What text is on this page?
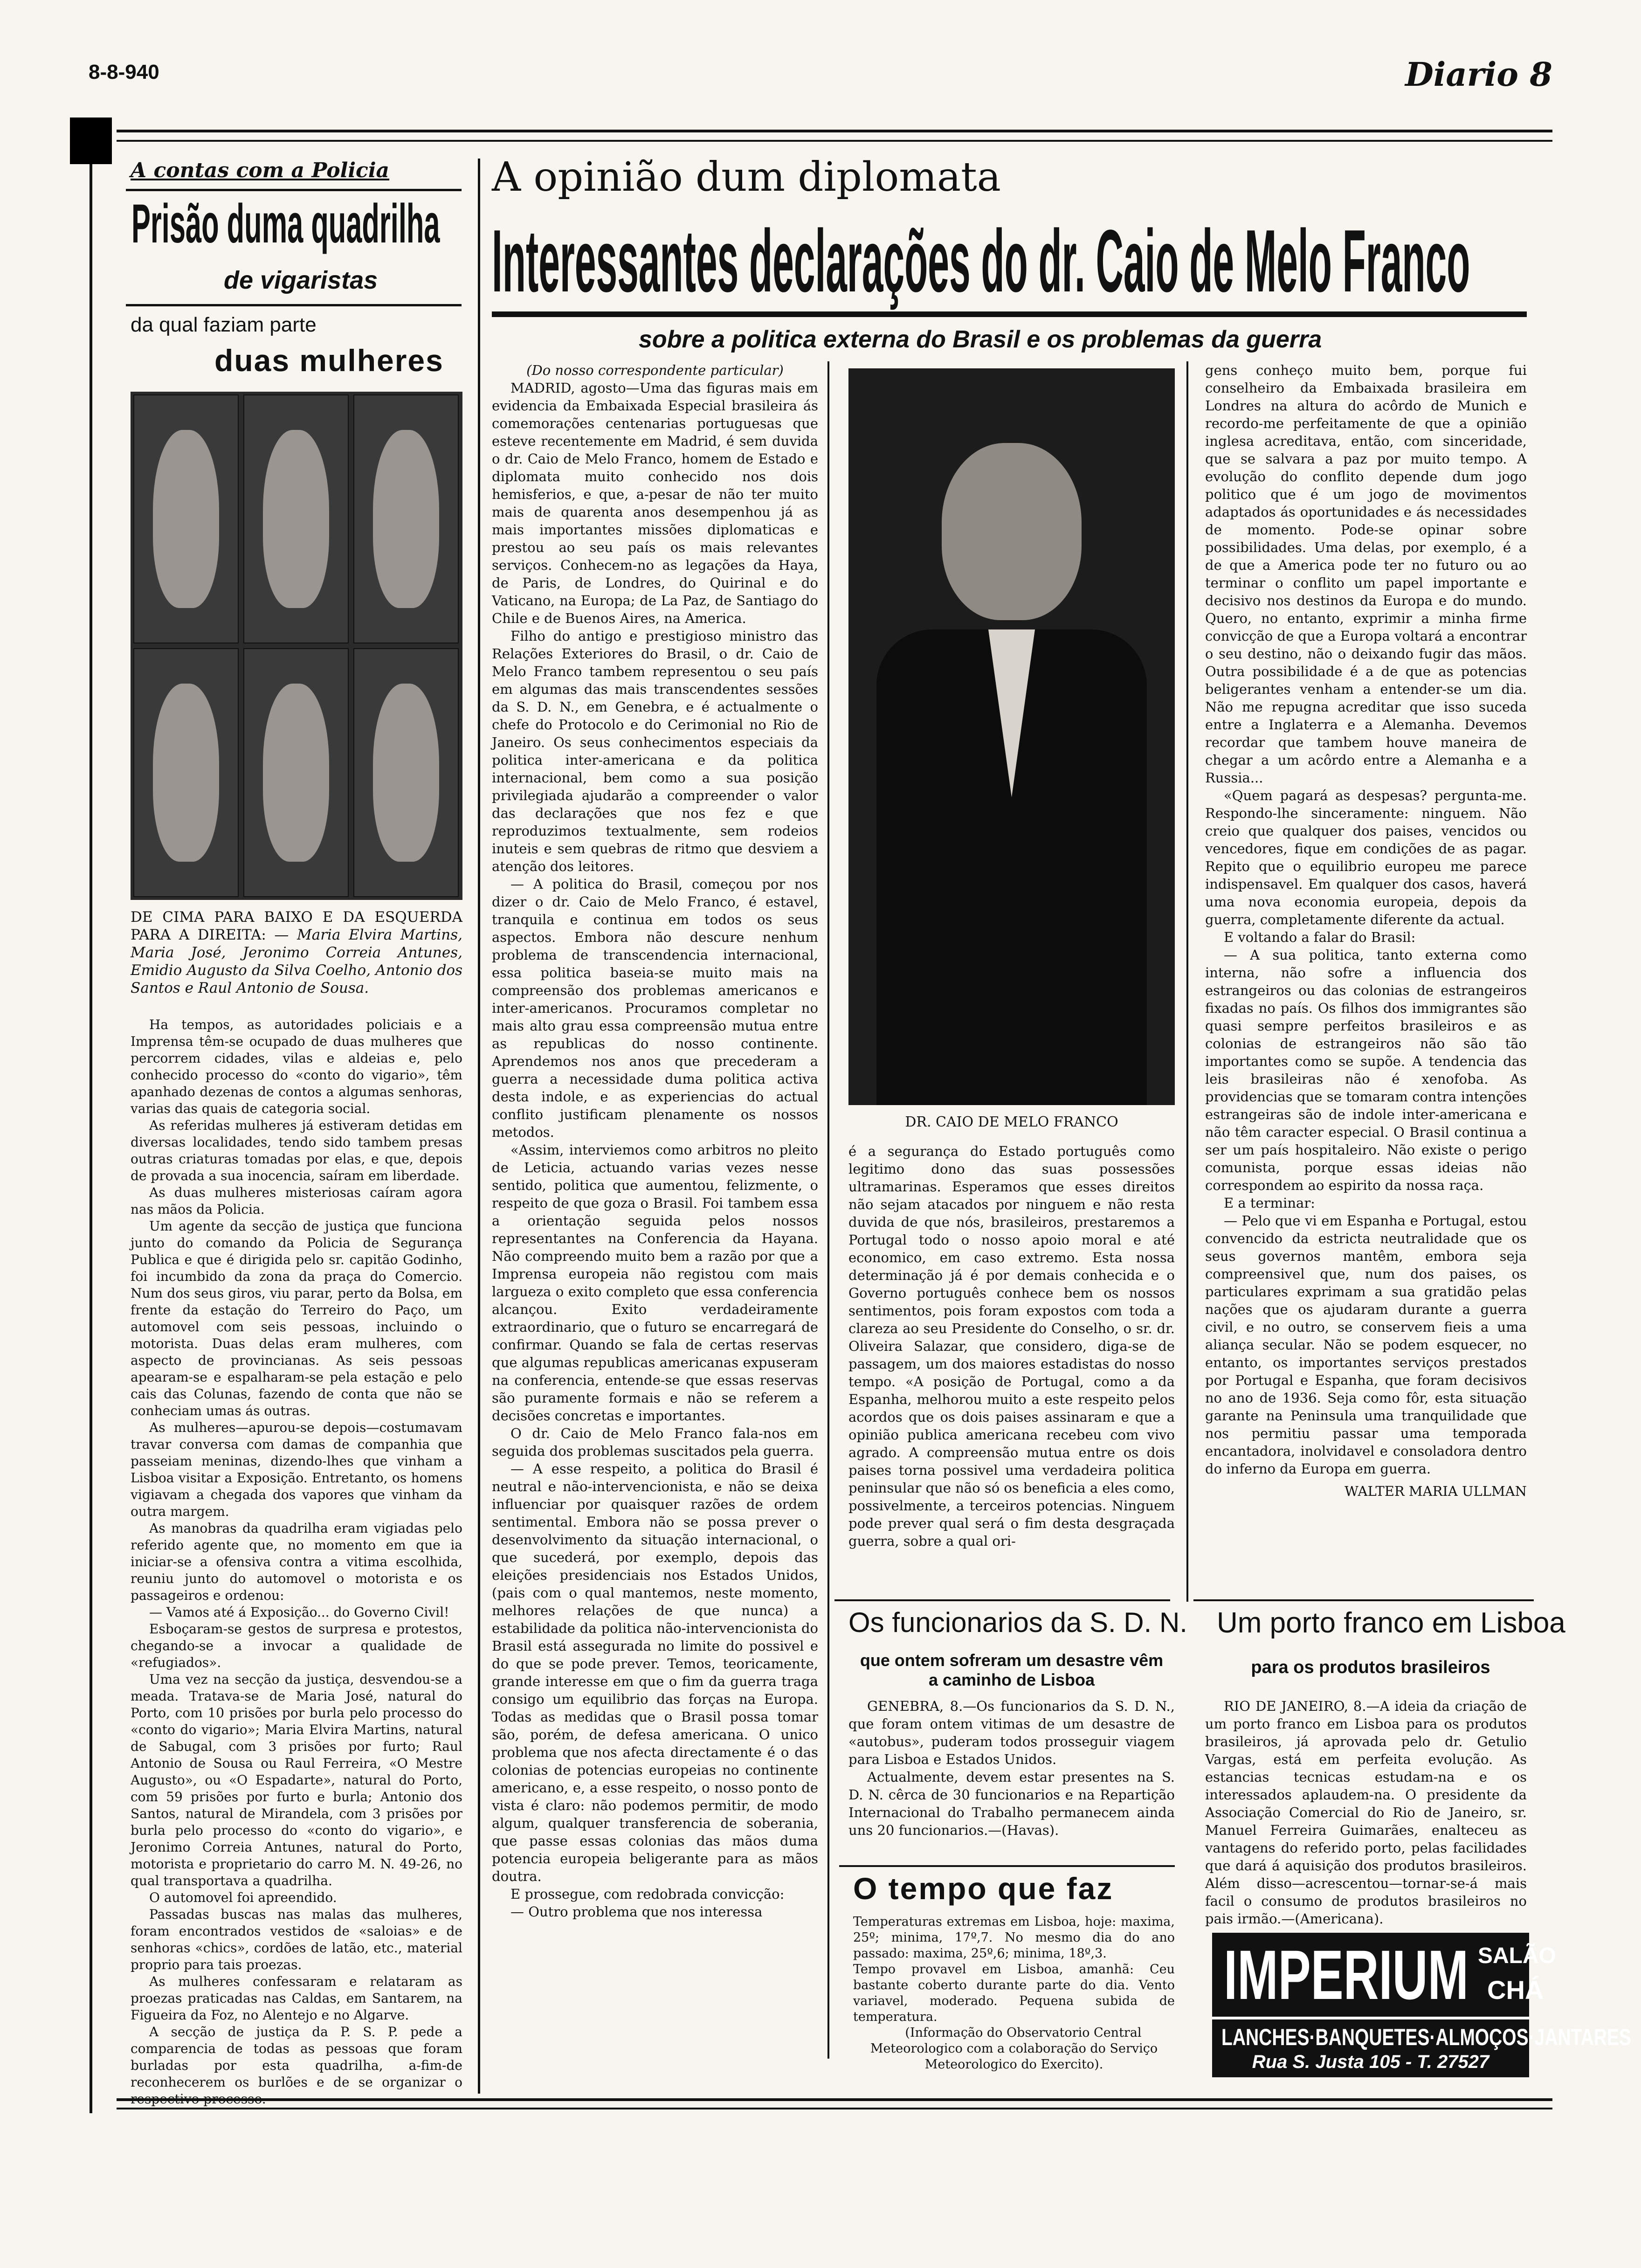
8-8-940	Diario 8
A contas com a Policia
Prisão duma quadrilha
de vigaristas
da qual faziam parte
duas mulheres
DE CIMA PARA BAIXO E DA ESQUERDA PARA A DIREITA: — Maria Elvira Martins, Maria José, Jeronimo Correia Antunes, Emidio Augusto da Silva Coelho, Antonio dos Santos e Raul Antonio de Sousa.

Ha tempos, as autoridades policiais e a Imprensa têm-se ocupado de duas mulheres que percorrem cidades, vilas e aldeias e, pelo conhecido processo do «conto do vigario», têm apanhado dezenas de contos a algumas senhoras, varias das quais de categoria social.

As referidas mulheres já estiveram detidas em diversas localidades, tendo sido tambem presas outras criaturas tomadas por elas, e que, depois de provada a sua inocencia, saíram em liberdade.

As duas mulheres misteriosas caíram agora nas mãos da Policia.

Um agente da secção de justiça que funciona junto do comando da Policia de Segurança Publica e que é dirigida pelo sr. capitão Godinho, foi incumbido da zona da praça do Comercio. Num dos seus giros, viu parar, perto da Bolsa, em frente da estação do Terreiro do Paço, um automovel com seis pessoas, incluindo o motorista. Duas delas eram mulheres, com aspecto de provincianas. As seis pessoas apearam-se e espalharam-se pela estação e pelo cais das Colunas, fazendo de conta que não se conheciam umas ás outras.

As mulheres—apurou-se depois—costumavam travar conversa com damas de companhia que passeiam meninas, dizendo-lhes que vinham a Lisboa visitar a Exposição. Entretanto, os homens vigiavam a chegada dos vapores que vinham da outra margem.

As manobras da quadrilha eram vigiadas pelo referido agente que, no momento em que ia iniciar-se a ofensiva contra a vitima escolhida, reuniu junto do automovel o motorista e os passageiros e ordenou:

— Vamos até á Exposição... do Governo Civil!

Esboçaram-se gestos de surpresa e protestos, chegando-se a invocar a qualidade de «refugiados».

Uma vez na secção da justiça, desvendou-se a meada. Tratava-se de Maria José, natural do Porto, com 10 prisões por burla pelo processo do «conto do vigario»; Maria Elvira Martins, natural de Sabugal, com 3 prisões por furto; Raul Antonio de Sousa ou Raul Ferreira, «O Mestre Augusto», ou «O Espadarte», natural do Porto, com 59 prisões por furto e burla; Antonio dos Santos, natural de Mirandela, com 3 prisões por burla pelo processo do «conto do vigario», e Jeronimo Correia Antunes, natural do Porto, motorista e proprietario do carro M. N. 49-26, no qual transportava a quadrilha.

O automovel foi apreendido.

Passadas buscas nas malas das mulheres, foram encontrados vestidos de «saloias» e de senhoras «chics», cordões de latão, etc., material proprio para tais proezas.

As mulheres confessaram e relataram as proezas praticadas nas Caldas, em Santarem, na Figueira da Foz, no Alentejo e no Algarve.

A secção de justiça da P. S. P. pede a comparencia de todas as pessoas que foram burladas por esta quadrilha, a-fim-de reconhecerem os burlões e de se organizar o

A opinião dum diplomata
Interessantes declarações do dr. Caio de Melo Franco
sobre a politica externa do Brasil e os problemas da guerra
(Do nosso correspondente particular)

MADRID, agosto—Uma das figuras mais em evidencia da Embaixada Especial brasileira ás comemorações centenarias portuguesas que esteve recentemente em Madrid, é sem duvida o dr. Caio de Melo Franco, homem de Estado e diplomata muito conhecido nos dois hemisferios, e que, a-pesar de não ter muito mais de quarenta anos desempenhou já as mais importantes missões diplomaticas e prestou ao seu país os mais relevantes serviços. Conhecem-no as legações da Haya, de Paris, de Londres, do Quirinal e do Vaticano, na Europa; de La Paz, de Santiago do Chile e de Buenos Aires, na America.

Filho do antigo e prestigioso ministro das Relações Exteriores do Brasil, o dr. Caio de Melo Franco tambem representou o seu país em algumas das mais transcendentes sessões da S. D. N., em Genebra, e é actualmente o chefe do Protocolo e do Cerimonial no Rio de Janeiro. Os seus conhecimentos especiais da politica inter-americana e da politica internacional, bem como a sua posição privilegiada ajudarão a compreender o valor das declarações que nos fez e que reproduzimos textualmente, sem rodeios inuteis e sem quebras de ritmo que desviem a atenção dos leitores.

— A politica do Brasil, começou por nos dizer o dr. Caio de Melo Franco, é estavel, tranquila e continua em todos os seus aspectos. Embora não descure nenhum problema de transcendencia internacional, essa politica baseia-se muito mais na compreensão dos problemas americanos e inter-americanos. Procuramos completar no mais alto grau essa compreensão mutua entre as republicas do nosso continente. Aprendemos nos anos que precederam a guerra a necessidade duma politica activa desta indole, e as experiencias do actual conflito justificam plenamente os nossos metodos.

«Assim, interviemos como arbitros no pleito de Leticia, actuando varias vezes nesse sentido, politica que aumentou, felizmente, o respeito de que goza o Brasil. Foi tambem essa a orientação seguida pelos nossos representantes na Conferencia da Hayana. Não compreendo muito bem a razão por que a Imprensa europeia não registou com mais largueza o exito completo que essa conferencia alcançou. Exito verdadeiramente extraordinario, que o futuro se encarregará de confirmar. Quando se fala de certas reservas que algumas republicas americanas expuseram na conferencia, entende-se que essas reservas são puramente formais e não se referem a decisões concretas e importantes.

O dr. Caio de Melo Franco fala-nos em seguida dos problemas suscitados pela guerra.

— A esse respeito, a politica do Brasil é neutral e não-intervencionista, e não se deixa influenciar por quaisquer razões de ordem sentimental. Embora não se possa prever o desenvolvimento da situação internacional, o que sucederá, por exemplo, depois das eleições presidenciais nos Estados Unidos, (pais com o qual mantemos, neste momento, melhores relações de que nunca) a estabilidade da politica não-intervencionista do Brasil está assegurada no limite do possivel e do que se pode prever. Temos, teoricamente, grande interesse em que o fim da guerra traga consigo um equilibrio das forças na Europa. Todas as medidas que o Brasil possa tomar são, porém, de defesa americana. O unico problema que nos afecta directamente é o das colonias de potencias europeias no continente americano, e, a esse respeito, o nosso ponto de vista é claro: não podemos permitir, de modo algum, qualquer transferencia de soberania, que passe essas colonias das mãos duma potencia europeia beligerante para as mãos doutra.

E prossegue, com redobrada convicção:

— Outro problema que nos interessa

DR. CAIO DE MELO FRANCO

é a segurança do Estado português como legitimo dono das suas possessões ultramarinas. Esperamos que esses direitos não sejam atacados por ninguem e não resta duvida de que nós, brasileiros, prestaremos a Portugal todo o nosso apoio moral e até economico, em caso extremo. Esta nossa determinação já é por demais conhecida e o Governo português conhece bem os nossos sentimentos, pois foram expostos com toda a clareza ao seu Presidente do Conselho, o sr. dr. Oliveira Salazar, que considero, diga-se de passagem, um dos maiores estadistas do nosso tempo. «A posição de Portugal, como a da Espanha, melhorou muito a este respeito pelos acordos que os dois paises assinaram e que a opinião publica americana recebeu com vivo agrado. A compreensão mutua entre os dois paises torna possivel uma verdadeira politica peninsular que não só os beneficia a eles como, possivelmente, a terceiros potencias. Ninguem pode prever qual será o fim desta desgraçada guerra, sobre a qual ori-

gens conheço muito bem, porque fui conselheiro da Embaixada brasileira em Londres na altura do acôrdo de Munich e recordo-me perfeitamente de que a opinião inglesa acreditava, então, com sinceridade, que se salvara a paz por muito tempo. A evolução do conflito depende dum jogo politico que é um jogo de movimentos adaptados ás oportunidades e ás necessidades de momento. Pode-se opinar sobre possibilidades. Uma delas, por exemplo, é a de que a America pode ter no futuro ou ao terminar o conflito um papel importante e decisivo nos destinos da Europa e do mundo. Quero, no entanto, exprimir a minha firme convicção de que a Europa voltará a encontrar o seu destino, não o deixando fugir das mãos. Outra possibilidade é a de que as potencias beligerantes venham a entender-se um dia. Não me repugna acreditar que isso suceda entre a Inglaterra e a Alemanha. Devemos recordar que tambem houve maneira de chegar a um acôrdo entre a Alemanha e a Russia...

«Quem pagará as despesas? pergunta-me. Respondo-lhe sinceramente: ninguem. Não creio que qualquer dos paises, vencidos ou vencedores, fique em condições de as pagar. Repito que o equilibrio europeu me parece indispensavel. Em qualquer dos casos, haverá uma nova economia europeia, depois da guerra, completamente diferente da actual.

E voltando a falar do Brasil:

— A sua politica, tanto externa como interna, não sofre a influencia dos estrangeiros ou das colonias de estrangeiros fixadas no país. Os filhos dos immigrantes são quasi sempre perfeitos brasileiros e as colonias de estrangeiros não são tão importantes como se supõe. A tendencia das leis brasileiras não é xenofoba. As providencias que se tomaram contra intenções estrangeiras são de indole inter-americana e não têm caracter especial. O Brasil continua a ser um país hospitaleiro. Não existe o perigo comunista, porque essas ideias não correspondem ao espirito da nossa raça.

E a terminar:

— Pelo que vi em Espanha e Portugal, estou convencido da estricta neutralidade que os seus governos mantêm, embora seja compreensivel que, num dos paises, os particulares exprimam a sua gratidão pelas nações que os ajudaram durante a guerra civil, e no outro, se conservem fieis a uma aliança secular. Não se podem esquecer, no entanto, os importantes serviços prestados por Portugal e Espanha, que foram decisivos no ano de 1936. Seja como fôr, esta situação garante na Peninsula uma tranquilidade que nos permitiu passar uma temporada encantadora, inolvidavel e consoladora dentro do inferno da Europa em guerra.

WALTER MARIA ULLMAN
Os funcionarios da S. D. N.
que ontem sofreram um desastre vêm a caminho de Lisboa

GENEBRA, 8.—Os funcionarios da S. D. N., que foram ontem vitimas de um desastre de «autobus», puderam todos prosseguir viagem para Lisboa e Estados Unidos.

Actualmente, devem estar presentes na S. D. N. cêrca de 30 funcionarios e na Repartição Internacional do Trabalho permanecem ainda uns 20 funcionarios.—(Havas).

O tempo que faz
Temperaturas extremas em Lisboa, hoje: maxima, 25º; minima, 17º,7. No mesmo dia do ano passado: maxima, 25º,6; minima, 18º,3.
Tempo provavel em Lisboa, amanhã: Ceu bastante coberto durante parte do dia. Vento variavel, moderado. Pequena subida de temperatura.
(Informação do Observatorio Central Meteorologico com a colaboração do Serviço Meteorologico do Exercito).
Um porto franco em Lisboa
para os produtos brasileiros

RIO DE JANEIRO, 8.—A ideia da criação de um porto franco em Lisboa para os produtos brasileiros, já aprovada pelo dr. Getulio Vargas, está em perfeita evolução. As estancias tecnicas estudam-na e os interessados aplaudem-na. O presidente da Associação Comercial do Rio de Janeiro, sr. Manuel Ferreira Guimarães, enalteceu as vantagens do referido porto, pelas facilidades que dará á aquisição dos produtos brasileiros. Além disso—acrescentou—tornar-se-á mais facil o consumo de produtos brasileiros no pais irmão.—(Americana).

IMPERIUM SALÃO
CHÁ
LANCHES·BANQUETES·ALMOÇOS·JANTARES
Rua S. Justa 105 - T. 27527
